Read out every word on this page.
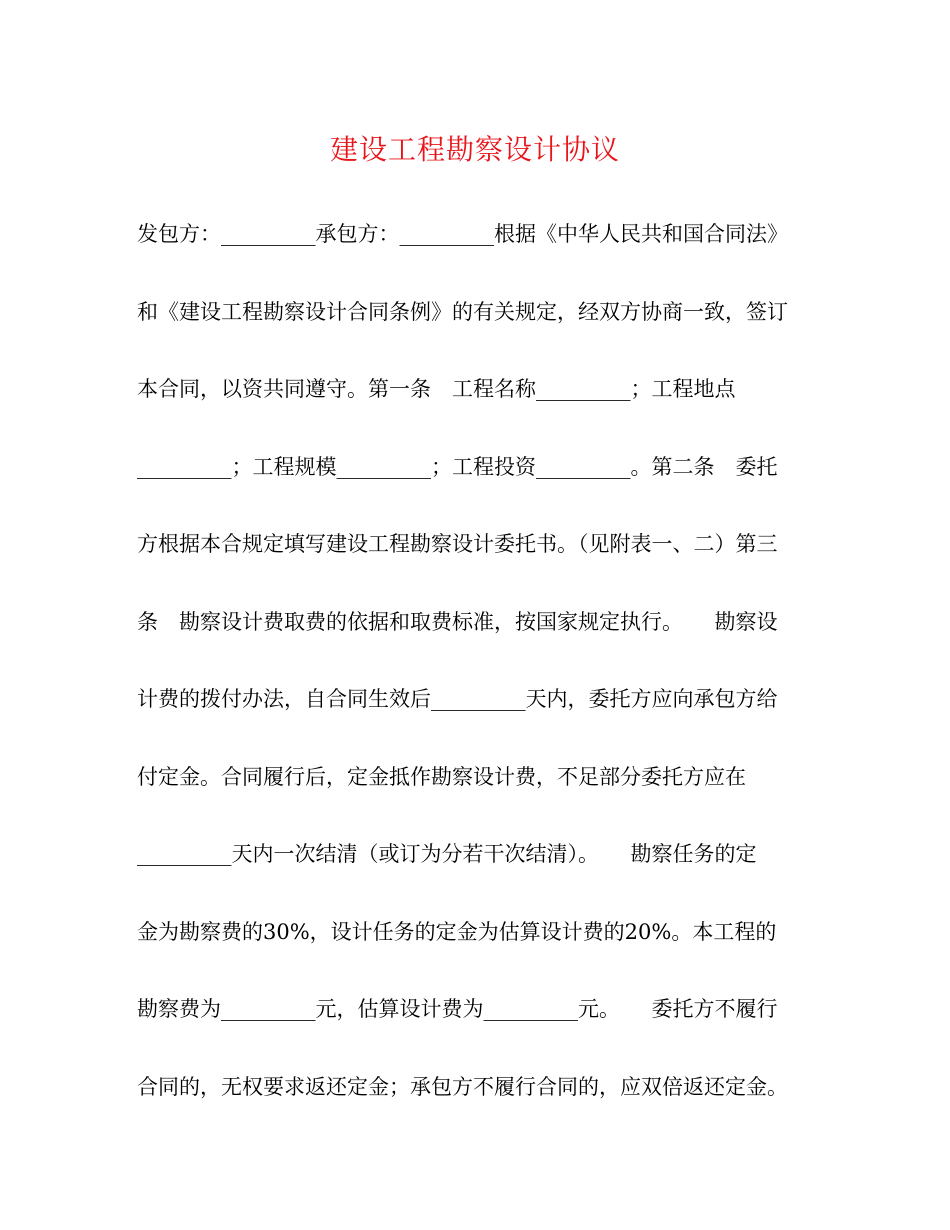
建设工程勘察设计协议
发包方：_________承包方：_________根据《中华人民共和国合同法》
和《建设工程勘察设计合同条例》的有关规定，经双方协商一致，签订
本合同，以资共同遵守。第一条　工程名称_________；工程地点
_________；工程规模_________；工程投资_________。第二条　委托
方根据本合规定填写建设工程勘察设计委托书。（见附表一、二）第三
条　勘察设计费取费的依据和取费标准，按国家规定执行。　　勘察设
计费的拨付办法，自合同生效后_________天内，委托方应向承包方给
付定金。合同履行后，定金抵作勘察设计费，不足部分委托方应在
_________天内一次结清（或订为分若干次结清）。　　勘察任务的定
金为勘察费的30%，设计任务的定金为估算设计费的20%。本工程的
勘察费为_________元，估算设计费为_________元。　　委托方不履行
合同的，无权要求返还定金；承包方不履行合同的，应双倍返还定金。
